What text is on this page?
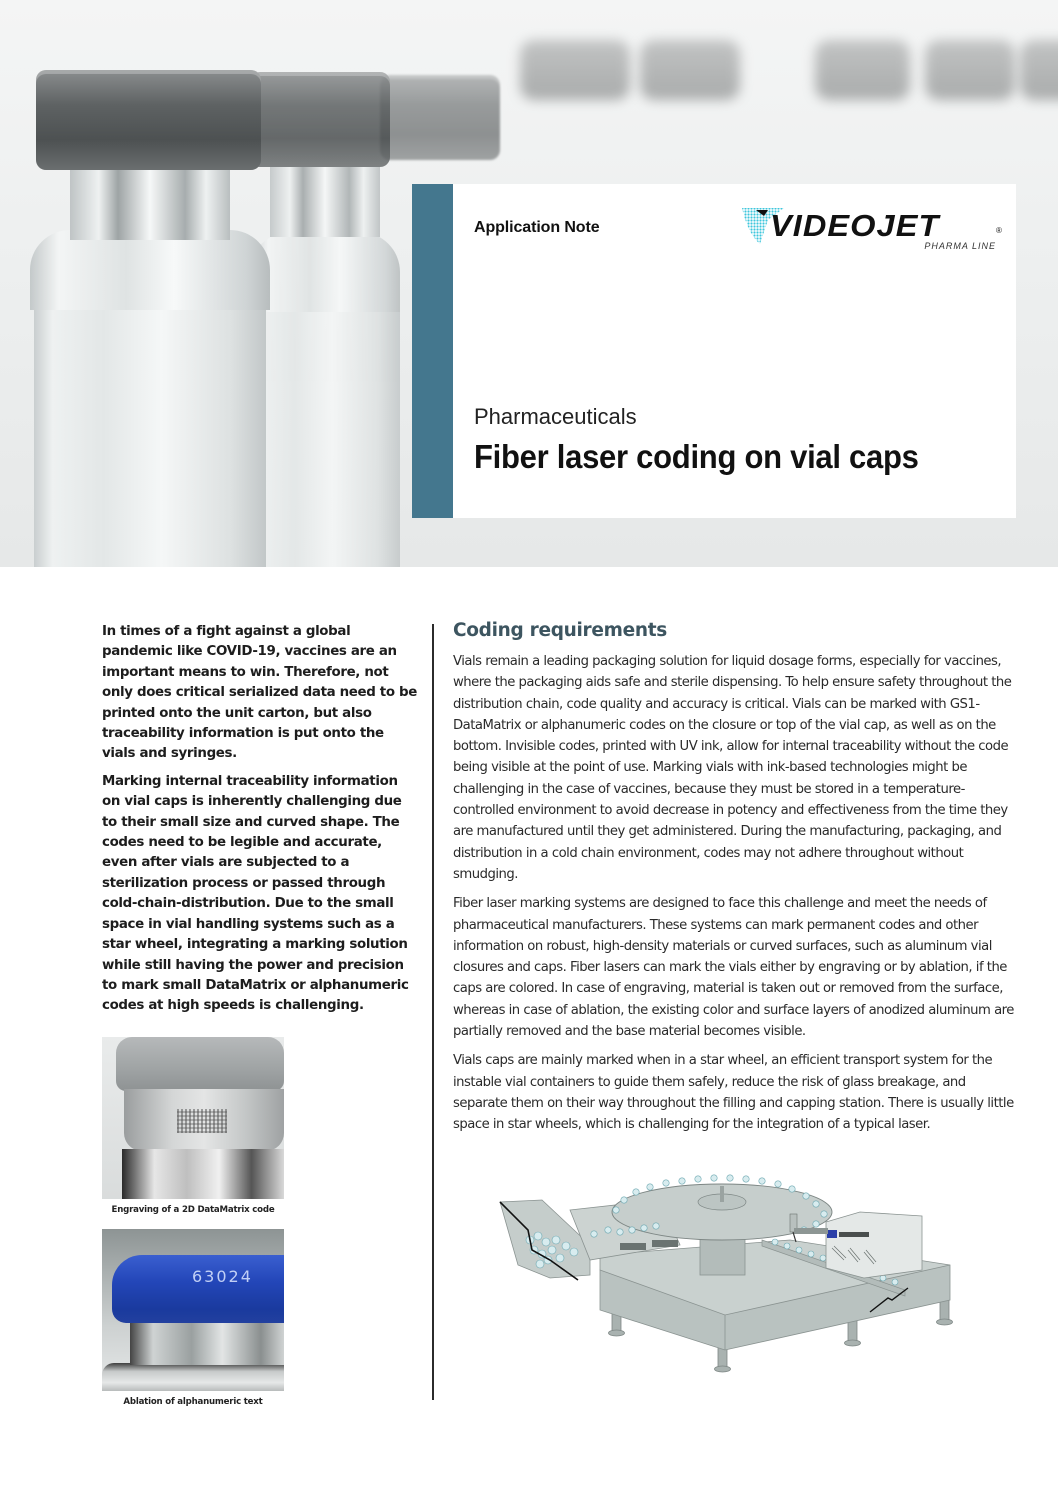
Application Note	VIDEOJET	®
PHARMA LINE
Pharmaceuticals
Fiber laser coding on vial caps

In times of a fight against a global pandemic like COVID-19, vaccines are an important means to win. Therefore, not only does critical serialized data need to be printed onto the unit carton, but also traceability information is put onto the vials and syringes.

Marking internal traceability information on vial caps is inherently challenging due to their small size and curved shape. The codes need to be legible and accurate, even after vials are subjected to a sterilization process or passed through cold-chain-distribution. Due to the small space in vial handling systems such as a star wheel, integrating a marking solution while still having the power and precision to mark small DataMatrix or alphanumeric codes at high speeds is challenging.

Engraving of a 2D DataMatrix code
63024
Ablation of alphanumeric text
Coding requirements

Vials remain a leading packaging solution for liquid dosage forms, especially for vaccines, where the packaging aids safe and sterile dispensing. To help ensure safety throughout the distribution chain, code quality and accuracy is critical. Vials can be marked with GS1-DataMatrix or alphanumeric codes on the closure or top of the vial cap, as well as on the bottom. Invisible codes, printed with UV ink, allow for internal traceability without the code being visible at the point of use. Marking vials with ink-based technologies might be challenging in the case of vaccines, because they must be stored in a temperature-controlled environment to avoid decrease in potency and effectiveness from the time they are manufactured until they get administered. During the manufacturing, packaging, and distribution in a cold chain environment, codes may not adhere throughout without smudging.

Fiber laser marking systems are designed to face this challenge and meet the needs of pharmaceutical manufacturers. These systems can mark permanent codes and other information on robust, high-density materials or curved surfaces, such as aluminum vial closures and caps. Fiber lasers can mark the vials either by engraving or by ablation, if the caps are colored. In case of engraving, material is taken out or removed from the surface, whereas in case of ablation, the existing color and surface layers of anodized aluminum are partially removed and the base material becomes visible.

Vials caps are mainly marked when in a star wheel, an efficient transport system for the instable vial containers to guide them safely, reduce the risk of glass breakage, and separate them on their way throughout the filling and capping station. There is usually little space in star wheels, which is challenging for the integration of a typical laser.
